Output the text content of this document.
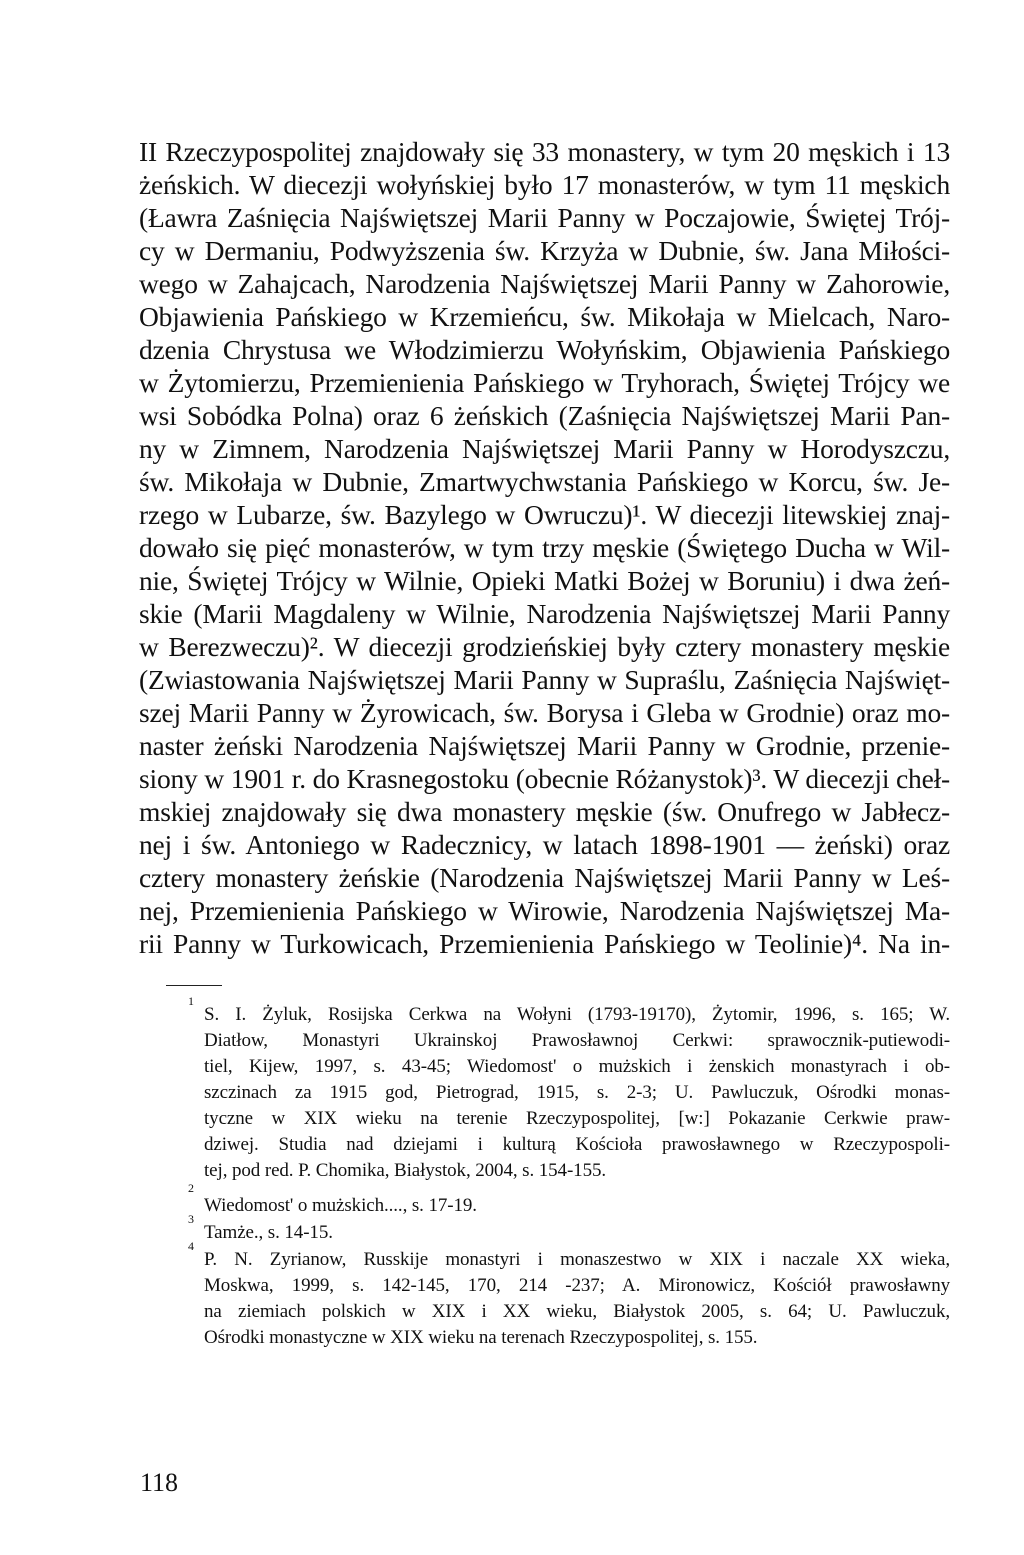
II Rzeczypospolitej znajdowały się 33 monastery, w tym 20 męskich i 13
żeńskich. W diecezji wołyńskiej było 17 monasterów, w tym 11 męskich
(Ławra Zaśnięcia Najświętszej Marii Panny w Poczajowie, Świętej Trój-
cy w Dermaniu, Podwyższenia św. Krzyża w Dubnie, św. Jana Miłości-
wego w Zahajcach, Narodzenia Najświętszej Marii Panny w Zahorowie,
Objawienia Pańskiego w Krzemieńcu, św. Mikołaja w Mielcach, Naro-
dzenia Chrystusa we Włodzimierzu Wołyńskim, Objawienia Pańskiego
w Żytomierzu, Przemienienia Pańskiego w Tryhorach, Świętej Trójcy we
wsi Sobódka Polna) oraz 6 żeńskich (Zaśnięcia Najświętszej Marii Pan-
ny w Zimnem, Narodzenia Najświętszej Marii Panny w Horodyszczu,
św. Mikołaja w Dubnie, Zmartwychwstania Pańskiego w Korcu, św. Je-
rzego w Lubarze, św. Bazylego w Owruczu)¹. W diecezji litewskiej znaj-
dowało się pięć monasterów, w tym trzy męskie (Świętego Ducha w Wil-
nie, Świętej Trójcy w Wilnie, Opieki Matki Bożej w Boruniu) i dwa żeń-
skie (Marii Magdaleny w Wilnie, Narodzenia Najświętszej Marii Panny
w Berezweczu)². W diecezji grodzieńskiej były cztery monastery męskie
(Zwiastowania Najświętszej Marii Panny w Supraślu, Zaśnięcia Najświęt-
szej Marii Panny w Żyrowicach, św. Borysa i Gleba w Grodnie) oraz mo-
naster żeński Narodzenia Najświętszej Marii Panny w Grodnie, przenie-
siony w 1901 r. do Krasnegostoku (obecnie Różanystok)³. W diecezji cheł-
mskiej znajdowały się dwa monastery męskie (św. Onufrego w Jabłecz-
nej i św. Antoniego w Radecznicy, w latach 1898-1901 — żeński) oraz
cztery monastery żeńskie (Narodzenia Najświętszej Marii Panny w Leś-
nej, Przemienienia Pańskiego w Wirowie, Narodzenia Najświętszej Ma-
rii Panny w Turkowicach, Przemienienia Pańskiego w Teolinie)⁴. Na in-
1
S. I. Żyluk, Rosijska Cerkwa na Wołyni (1793-19170), Żytomir, 1996, s. 165; W.
Diatłow, Monastyri Ukrainskoj Prawosławnoj Cerkwi: sprawocznik-putiewodi-
tiel, Kijew, 1997, s. 43-45; Wiedomost' o mużskich i żenskich monastyrach i ob-
szczinach za 1915 god, Pietrograd, 1915, s. 2-3; U. Pawluczuk, Ośrodki monas-
tyczne w XIX wieku na terenie Rzeczypospolitej, [w:] Pokazanie Cerkwie praw-
dziwej. Studia nad dziejami i kulturą Kościoła prawosławnego w Rzeczypospoli-
tej, pod red. P. Chomika, Białystok, 2004, s. 154-155.
2
Wiedomost' o mużskich...., s. 17-19.
3
Tamże., s. 14-15.
4
P. N. Zyrianow, Russkije monastyri i monaszestwo w XIX i naczale XX wieka,
Moskwa, 1999, s. 142-145, 170, 214 -237; A. Mironowicz, Kościół prawosławny
na ziemiach polskich w XIX i XX wieku, Białystok 2005, s. 64; U. Pawluczuk,
Ośrodki monastyczne w XIX wieku na terenach Rzeczypospolitej, s. 155.
118
